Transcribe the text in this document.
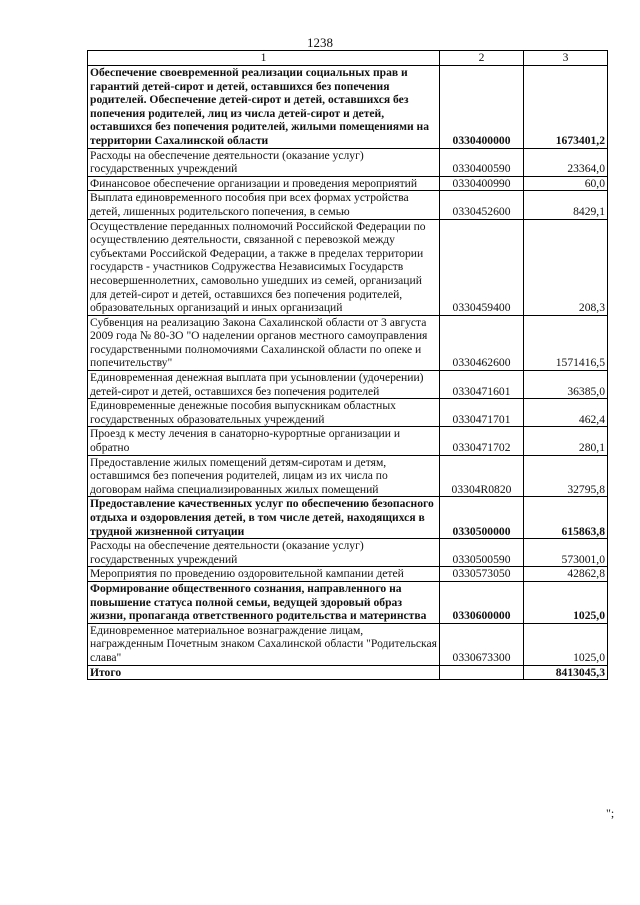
1238
1	2	3
Обеспечение своевременной реализации социальных прав и гарантий детей-сирот и детей, оставшихся без попечения родителей. Обеспечение детей-сирот и детей, оставшихся без попечения родителей, лиц из числа детей-сирот и детей, оставшихся без попечения родителей, жилыми помещениями на территории Сахалинской области	0330400000	1673401,2
Расходы на обеспечение деятельности (оказание услуг) государственных учреждений	0330400590	23364,0
Финансовое обеспечение организации и проведения мероприятий	0330400990	60,0
Выплата единовременного пособия при всех формах устройства детей, лишенных родительского попечения, в семью	0330452600	8429,1
Осуществление переданных полномочий Российской Федерации по осуществлению деятельности, связанной с перевозкой между субъектами Российской Федерации, а также в пределах территории государств - участников Содружества Независимых Государств несовершеннолетних, самовольно ушедших из семей, организаций для детей-сирот и детей, оставшихся без попечения родителей, образовательных организаций и иных организаций	0330459400	208,3
Субвенция на реализацию Закона Сахалинской области от 3 августа 2009 года № 80-ЗО "О наделении органов местного самоуправления государственными полномочиями Сахалинской области по опеке и попечительству"	0330462600	1571416,5
Единовременная денежная выплата при усыновлении (удочерении) детей-сирот и детей, оставшихся без попечения родителей	0330471601	36385,0
Единовременные денежные пособия выпускникам областных государственных образовательных учреждений	0330471701	462,4
Проезд к месту лечения в санаторно-курортные организации и обратно	0330471702	280,1
Предоставление жилых помещений детям-сиротам и детям, оставшимся без попечения родителей, лицам из их числа по договорам найма специализированных жилых помещений	03304R0820	32795,8
Предоставление качественных услуг по обеспечению безопасного отдыха и оздоровления детей, в том числе детей, находящихся в трудной жизненной ситуации	0330500000	615863,8
Расходы на обеспечение деятельности (оказание услуг) государственных учреждений	0330500590	573001,0
Мероприятия по проведению оздоровительной кампании детей	0330573050	42862,8
Формирование общественного сознания, направленного на повышение статуса полной семьи, ведущей здоровый образ жизни, пропаганда ответственного родительства и материнства	0330600000	1025,0
Единовременное материальное вознаграждение лицам, награжденным Почетным знаком Сахалинской области "Родительская слава"	0330673300	1025,0
Итого		8413045,3
";
